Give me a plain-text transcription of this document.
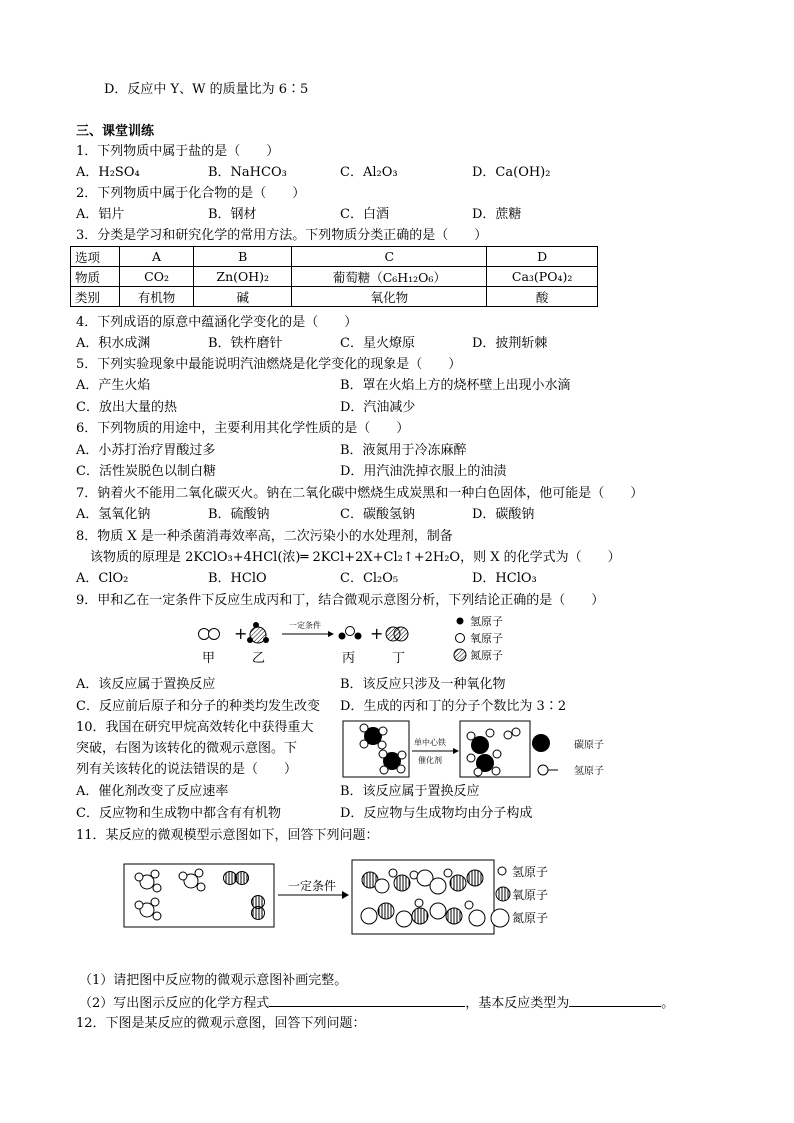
D．反应中 Y、W 的质量比为 6∶5
三、课堂训练
1．下列物质中属于盐的是（　　）
A．H₂SO₄	B．NaHCO₃	C．Al₂O₃	D．Ca(OH)₂
2．下列物质中属于化合物的是（　　）
A．铝片	B．钢材	C．白酒	D．蔗糖
3．分类是学习和研究化学的常用方法。下列物质分类正确的是（　　）
选项	A	B	C	D
物质	CO₂	Zn(OH)₂	葡萄糖（C₆H₁₂O₆）	Ca₃(PO₄)₂
类别	有机物	碱	氧化物	酸
4．下列成语的原意中蕴涵化学变化的是（　　）
A．积水成渊	B．铁杵磨针	C．星火燎原	D．披荆斩棘
5．下列实验现象中最能说明汽油燃烧是化学变化的现象是（　　）
A．产生火焰	B．罩在火焰上方的烧杯壁上出现小水滴
C．放出大量的热	D．汽油减少
6．下列物质的用途中，主要利用其化学性质的是（　　）
A．小苏打治疗胃酸过多	B．液氮用于冷冻麻醉
C．活性炭脱色以制白糖	D．用汽油洗掉衣服上的油渍
7．钠着火不能用二氧化碳灭火。钠在二氧化碳中燃烧生成炭黑和一种白色固体，他可能是（　　）
A．氢氧化钠	B．硫酸钠	C．碳酸氢钠	D．碳酸钠
8．物质 X 是一种杀菌消毒效率高，二次污染小的水处理剂，制备
该物质的原理是 2KClO₃+4HCl(浓)═ 2KCl+2X+Cl₂↑+2H₂O，则 X 的化学式为（　　）
A．ClO₂	B．HClO	C．Cl₂O₅	D．HClO₃
9．甲和乙在一定条件下反应生成丙和丁，结合微观示意图分析，下列结论正确的是（　　）
+	一定条件	+
甲	乙	丙	丁
氢原子
氧原子
氮原子
A．该反应属于置换反应	B．该反应只涉及一种氧化物
C．反应前后原子和分子的种类均发生改变 D．生成的丙和丁的分子个数比为 3∶2
10．我国在研究甲烷高效转化中获得重大
突破，右图为该转化的微观示意图。下
列有关该转化的说法错误的是（　　）
单中心铁
催化剂
碳原子
氢原子
A．催化剂改变了反应速率	B．该反应属于置换反应
C．反应物和生成物中都含有有机物	D．反应物与生成物均由分子构成
11．某反应的微观模型示意图如下，回答下列问题：
一定条件
氢原子
氧原子
氮原子
（1）请把图中反应物的微观示意图补画完整。
（2）写出图示反应的化学方程式	，基本反应类型为	。
12．下图是某反应的微观示意图，回答下列问题：
